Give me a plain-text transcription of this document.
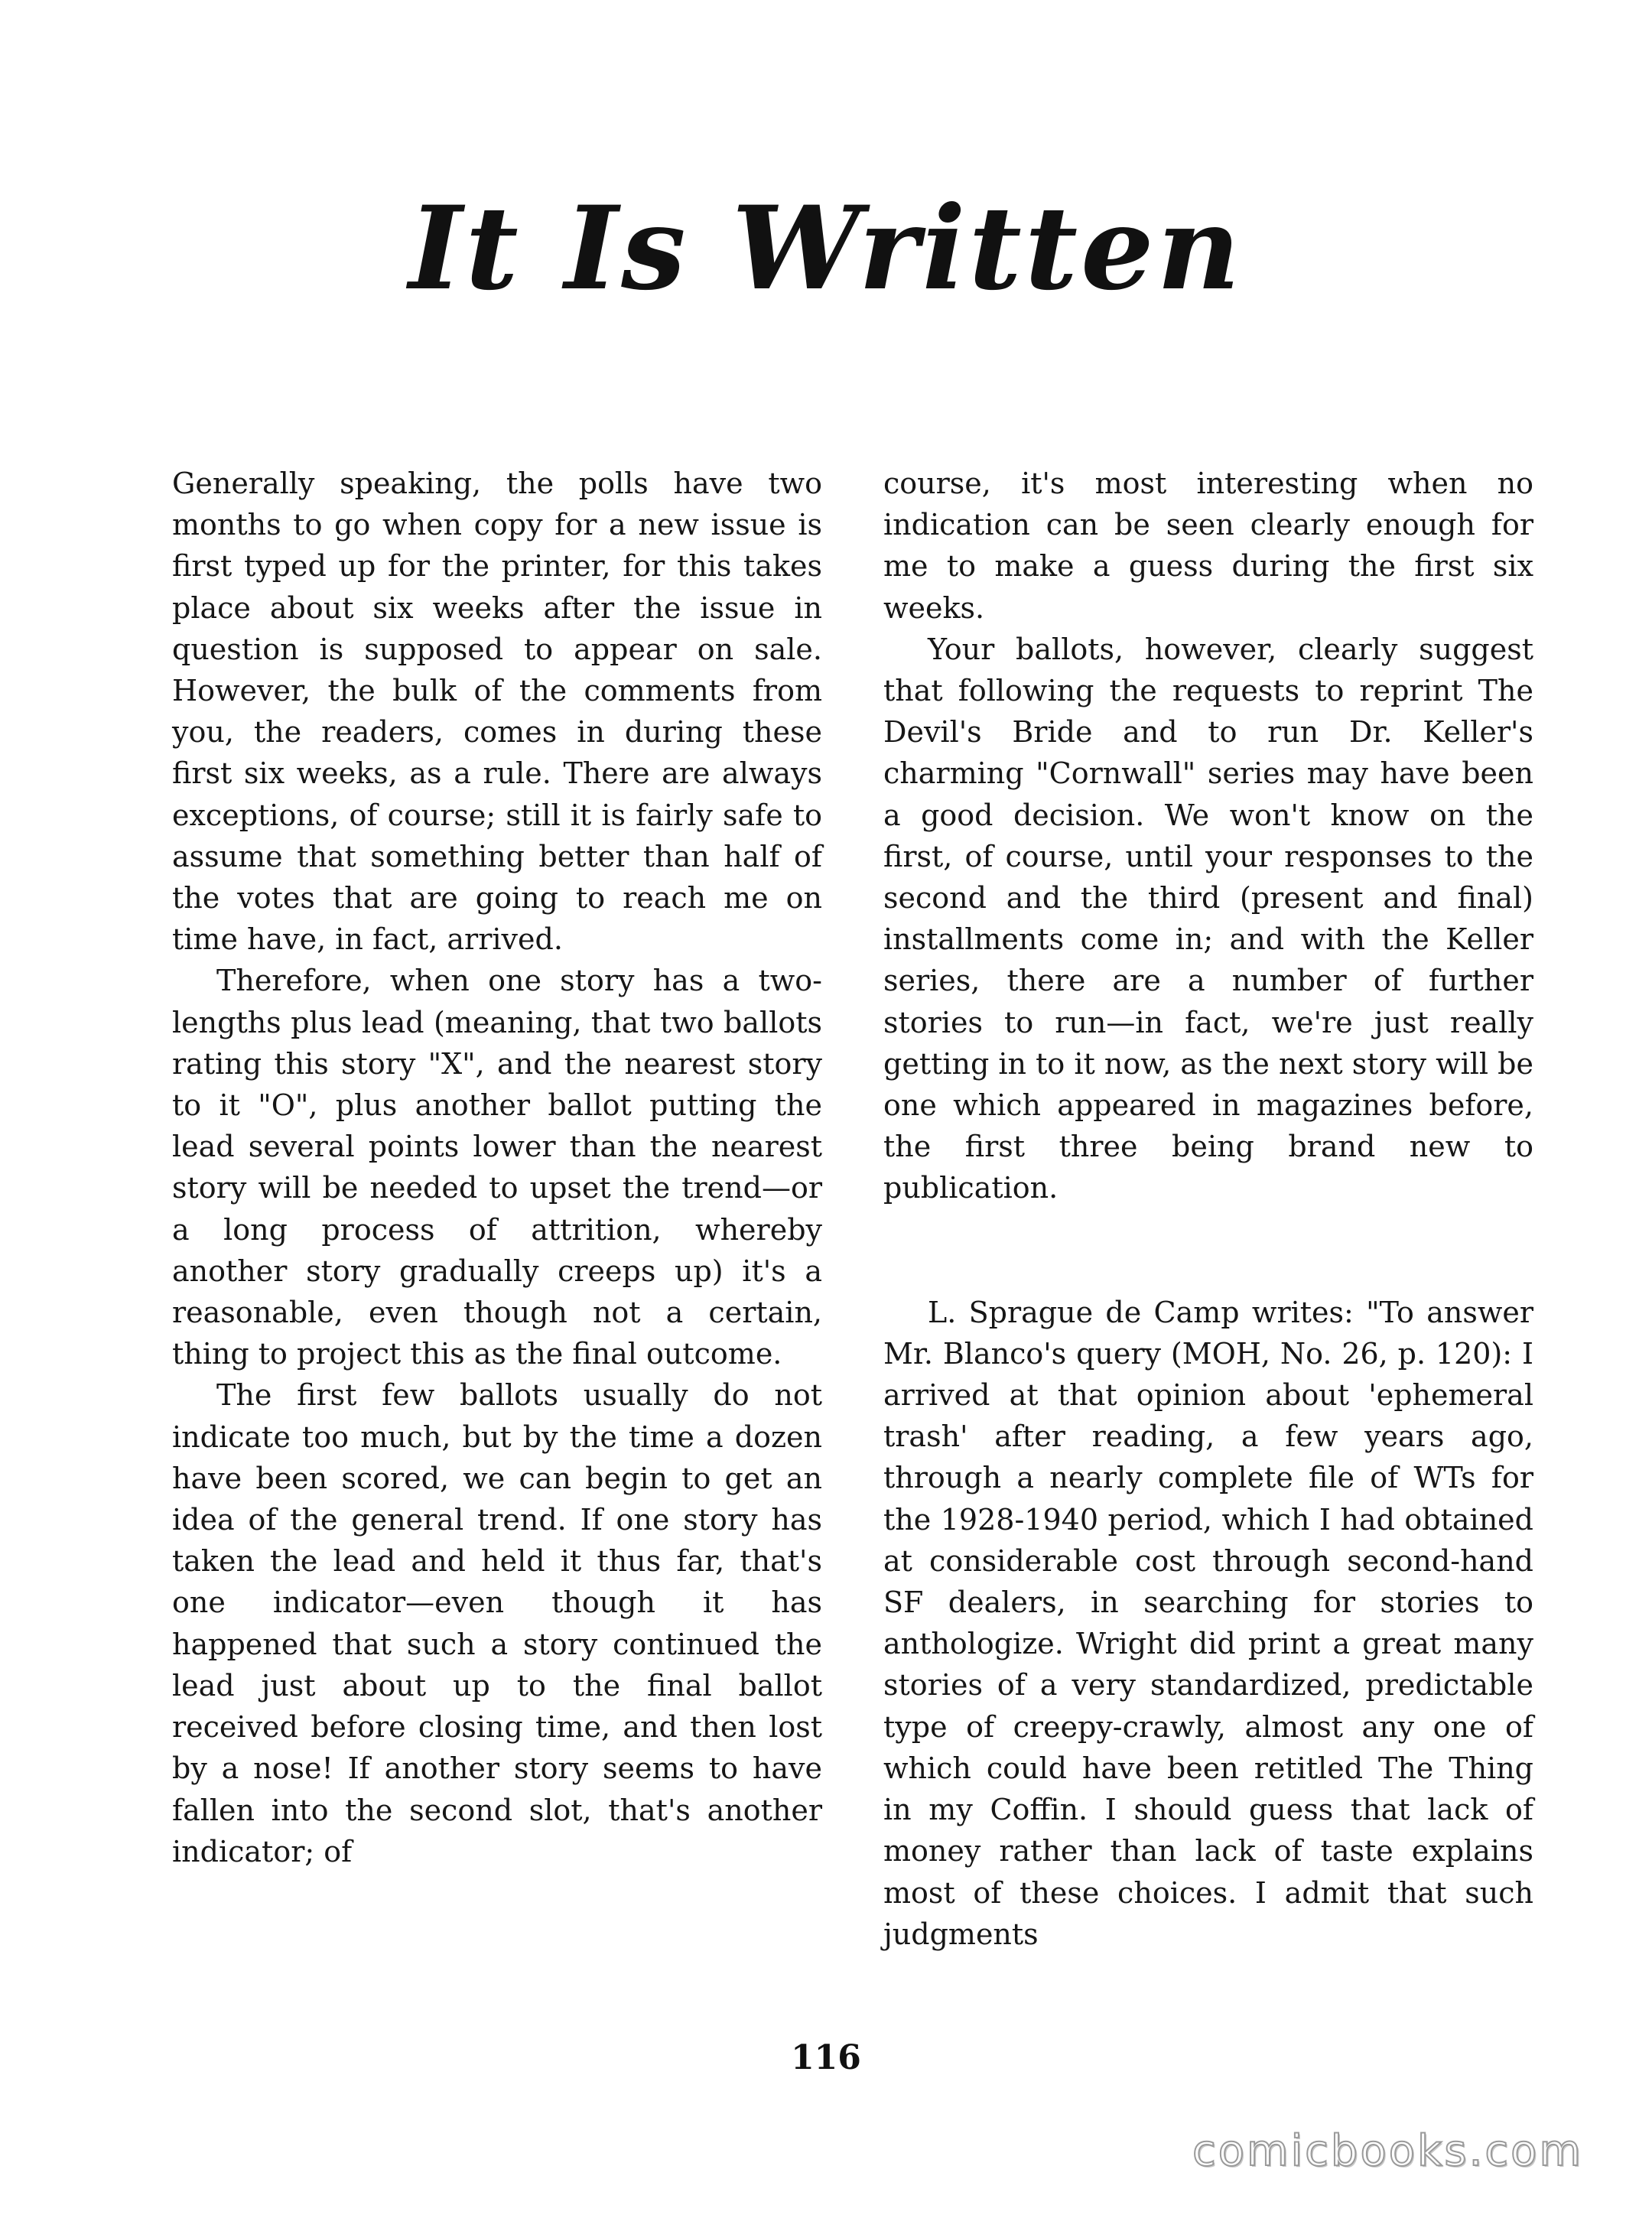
It Is Written

Generally speaking, the polls have two months to go when copy for a new issue is first typed up for the printer, for this takes place about six weeks after the issue in question is supposed to appear on sale. However, the bulk of the comments from you, the readers, comes in during these first six weeks, as a rule. There are always exceptions, of course; still it is fairly safe to assume that something better than half of the votes that are going to reach me on time have, in fact, arrived.

Therefore, when one story has a two-lengths plus lead (meaning, that two ballots rating this story "X", and the nearest story to it "O", plus another ballot putting the lead several points lower than the nearest story will be needed to upset the trend—or a long process of attrition, whereby another story gradually creeps up) it's a reasonable, even though not a certain, thing to project this as the final outcome.

The first few ballots usually do not indicate too much, but by the time a dozen have been scored, we can begin to get an idea of the general trend. If one story has taken the lead and held it thus far, that's one indicator—even though it has happened that such a story continued the lead just about up to the final ballot received before closing time, and then lost by a nose! If another story seems to have fallen into the second slot, that's another indicator; of

course, it's most interesting when no indication can be seen clearly enough for me to make a guess during the first six weeks.

Your ballots, however, clearly suggest that following the requests to reprint The Devil's Bride and to run Dr. Keller's charming "Cornwall" series may have been a good decision. We won't know on the first, of course, until your responses to the second and the third (present and final) installments come in; and with the Keller series, there are a number of further stories to run—in fact, we're just really getting in to it now, as the next story will be one which appeared in magazines before, the first three being brand new to publication.

L. Sprague de Camp writes: "To answer Mr. Blanco's query (MOH, No. 26, p. 120): I arrived at that opinion about 'ephemeral trash' after reading, a few years ago, through a nearly complete file of WTs for the 1928-1940 period, which I had obtained at considerable cost through second-hand SF dealers, in searching for stories to anthologize. Wright did print a great many stories of a very standardized, predictable type of creepy-crawly, almost any one of which could have been retitled The Thing in my Coffin. I should guess that lack of money rather than lack of taste explains most of these choices. I admit that such judgments

116
comicbooks.com
